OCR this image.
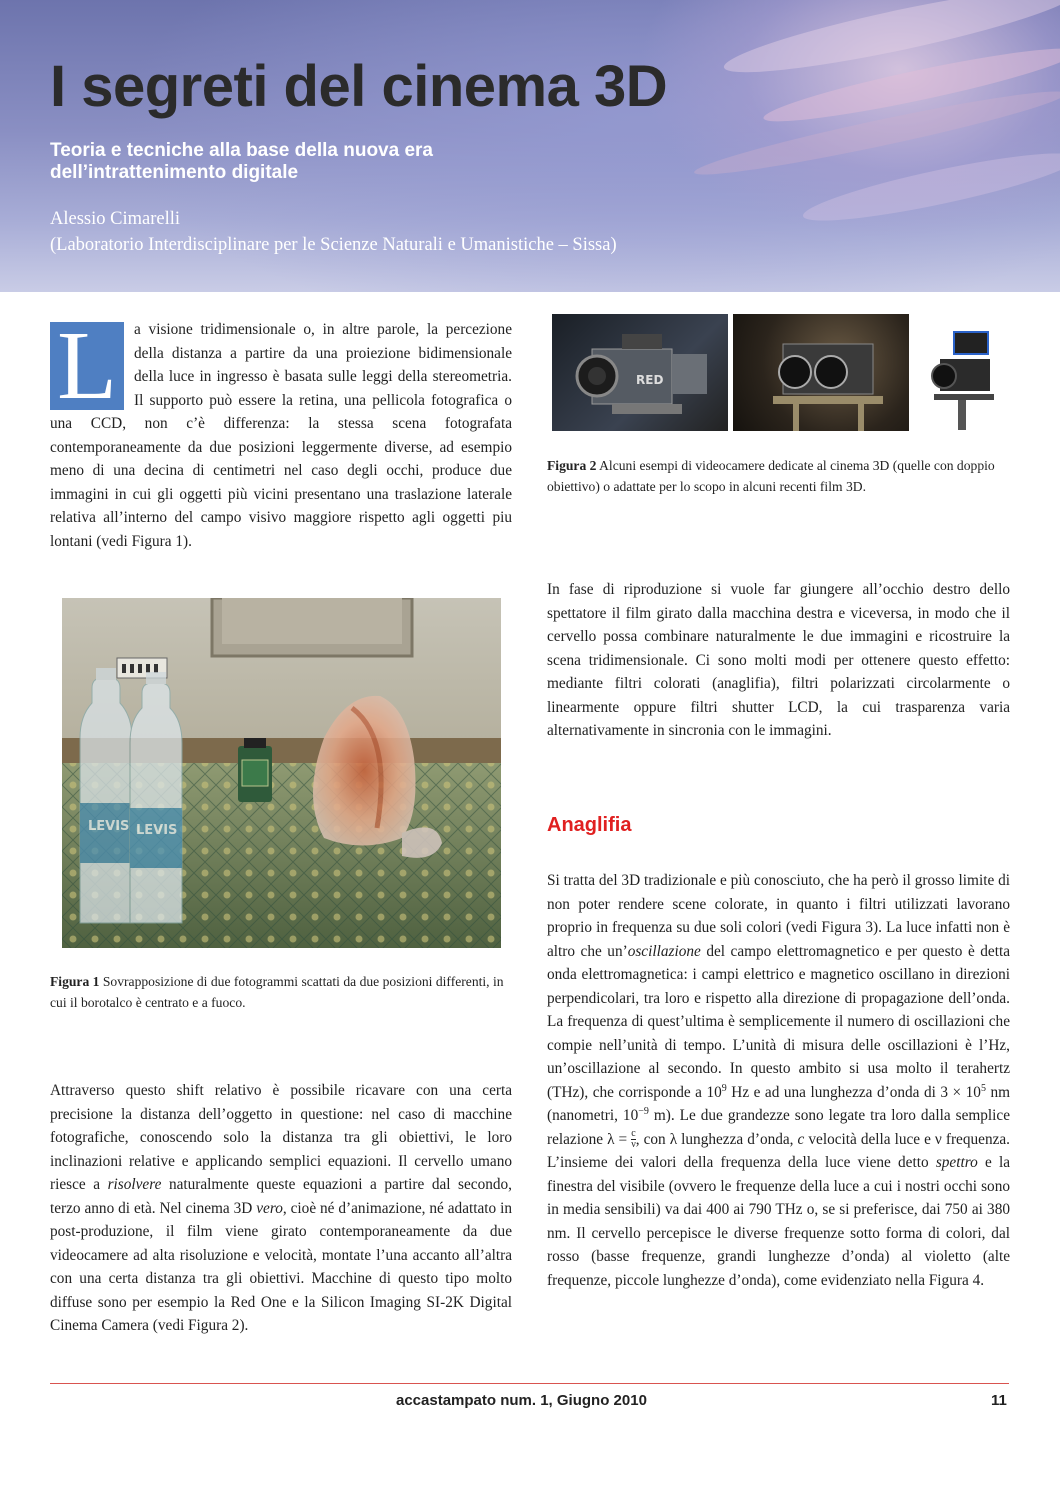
I segreti del cinema 3D
Teoria e tecniche alla base della nuova era dell’intrattenimento digitale
Alessio Cimarelli
(Laboratorio Interdisciplinare per le Scienze Naturali e Umanistiche – Sissa)
L	a visione tridimensionale o, in altre parole, la percezione della distanza a partire da una proiezione bidimensionale della luce in ingresso è basata sulle leggi della stereometria. Il supporto può essere la retina, una pellicola fotografica o una CCD, non c’è differenza: la stessa scena fotografata contemporaneamente da due posizioni leggermente diverse, ad esempio meno di una decina di centimetri nel caso degli occhi, produce due immagini in cui gli oggetti più vicini presentano una traslazione laterale relativa all’interno del campo visivo maggiore rispetto agli oggetti piu lontani (vedi Figura 1).

LEVIS LEVIS
Figura 1 Sovrapposizione di due fotogrammi scattati da due posizioni differenti, in cui il borotalco è centrato e a fuoco.

Attraverso questo shift relativo è possibile ricavare con una certa precisione la distanza dell’oggetto in questione: nel caso di macchine fotografiche, conoscendo solo la distanza tra gli obiettivi, le loro inclinazioni relative e applicando semplici equazioni. Il cervello umano riesce a risolvere naturalmente queste equazioni a partire dal secondo, terzo anno di età. Nel cinema 3D vero, cioè né d’animazione, né adattato in post-produzione, il film viene girato contemporaneamente da due videocamere ad alta risoluzione e velocità, montate l’una accanto all’altra con una certa distanza tra gli obiettivi. Macchine di questo tipo molto diffuse sono per esempio la Red One e la Silicon Imaging SI-2K Digital Cinema Camera (vedi Figura 2).

RED
Figura 2 Alcuni esempi di videocamere dedicate al cinema 3D (quelle con doppio obiettivo) o adattate per lo scopo in alcuni recenti film 3D.

In fase di riproduzione si vuole far giungere all’occhio destro dello spettatore il film girato dalla macchina destra e viceversa, in modo che il cervello possa combinare naturalmente le due immagini e ricostruire la scena tridimensionale. Ci sono molti modi per ottenere questo effetto: mediante filtri colorati (anaglifia), filtri polarizzati circolarmente o linearmente oppure filtri shutter LCD, la cui trasparenza varia alternativamente in sincronia con le immagini.

Anaglifia

Si tratta del 3D tradizionale e più conosciuto, che ha però il grosso limite di non poter rendere scene colorate, in quanto i filtri utilizzati lavorano proprio in frequenza su due soli colori (vedi Figura 3). La luce infatti non è altro che un’oscillazione del campo elettromagnetico e per questo è detta onda elettromagnetica: i campi elettrico e magnetico oscillano in direzioni perpendicolari, tra loro e rispetto alla direzione di propagazione dell’onda. La frequenza di quest’ultima è semplicemente il numero di oscillazioni che compie nell’unità di tempo. L’unità di misura delle oscillazioni è l’Hz, un’oscillazione al secondo. In questo ambito si usa molto il terahertz (THz), che corrisponde a $10^9$ Hz e ad una lunghezza d’onda di $3 \times 10^5$ nm (nanometri, $10^{-9}$ m). Le due grandezze sono legate tra loro dalla semplice relazione $\lambda = \frac{c}{\nu}$ , con λ lunghezza d’onda, c velocità della luce e ν frequenza. L’insieme dei valori della frequenza della luce viene detto spettro e la finestra del visibile (ovvero le frequenze della luce a cui i nostri occhi sono in media sensibili) va dai 400 ai 790 THz o, se si preferisce, dai 750 ai 380 nm. Il cervello percepisce le diverse frequenze sotto forma di colori, dal rosso (basse frequenze, grandi lunghezze d’onda) al violetto (alte frequenze, piccole lunghezze d’onda), come evidenziato nella Figura 4.

accastampato num. 1, Giugno 2010	11
